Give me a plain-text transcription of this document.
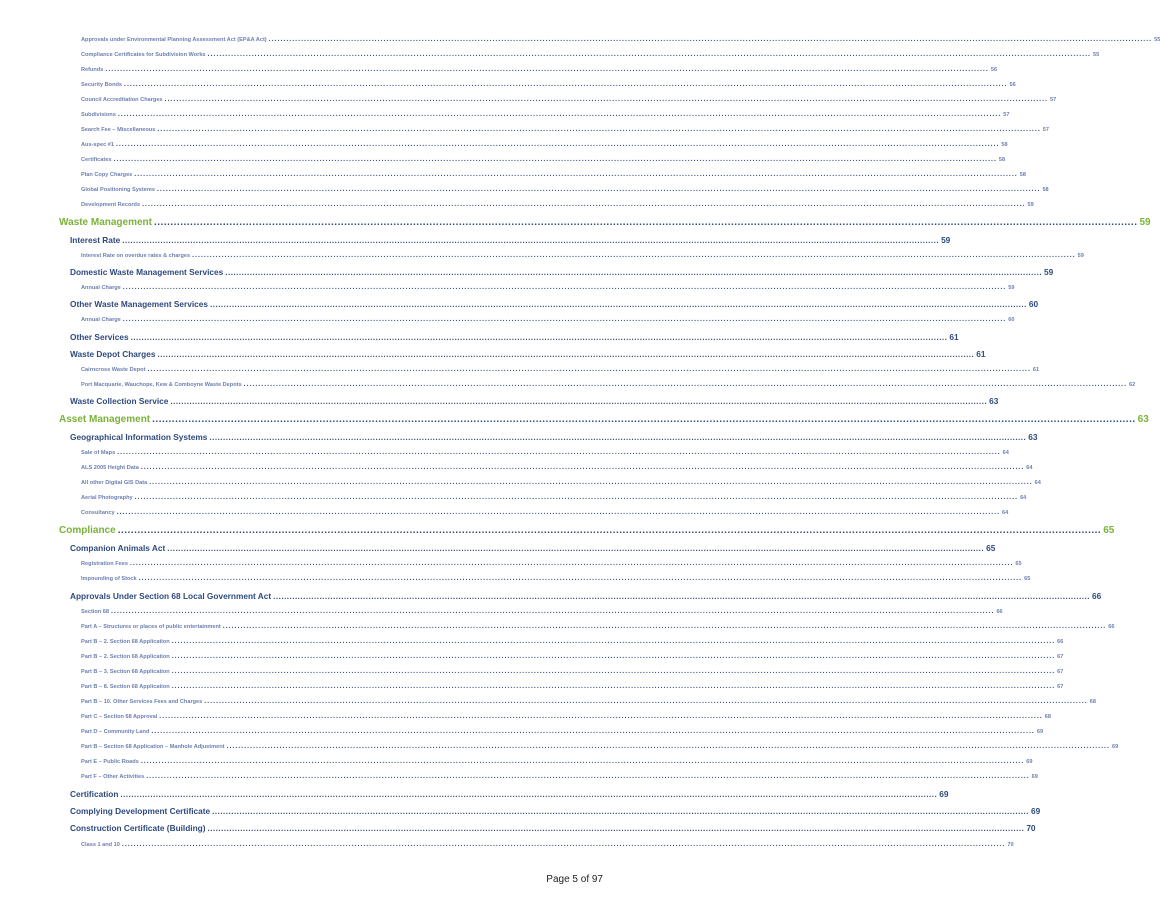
Approvals under Environmental Planning Assessment Act (EP&A Act) ............................................................................................................................................................................................................................................................................................................ 55
Compliance Certificates for Subdivision Works ............................................................................................................................................................................................................................................................................................................ 55
Refunds ............................................................................................................................................................................................................................................................................................................ 56
Security Bonds ............................................................................................................................................................................................................................................................................................................ 56
Council Accreditation Charges ............................................................................................................................................................................................................................................................................................................ 57
Subdivisions ............................................................................................................................................................................................................................................................................................................ 57
Search Fee – Miscellaneous ............................................................................................................................................................................................................................................................................................................ 57
Aus-spec #1 ............................................................................................................................................................................................................................................................................................................ 58
Certificates ............................................................................................................................................................................................................................................................................................................ 58
Plan Copy Charges ............................................................................................................................................................................................................................................................................................................ 58
Global Positioning Systems ............................................................................................................................................................................................................................................................................................................ 58
Development Records ............................................................................................................................................................................................................................................................................................................ 59
Waste Management ............................................................................................................................................................................................................................................................................................................ 59
Interest Rate ............................................................................................................................................................................................................................................................................................................ 59
Interest Rate on overdue rates & charges ............................................................................................................................................................................................................................................................................................................ 59
Domestic Waste Management Services ............................................................................................................................................................................................................................................................................................................ 59
Annual Charge ............................................................................................................................................................................................................................................................................................................ 59
Other Waste Management Services ............................................................................................................................................................................................................................................................................................................ 60
Annual Charge ............................................................................................................................................................................................................................................................................................................ 60
Other Services ............................................................................................................................................................................................................................................................................................................ 61
Waste Depot Charges ............................................................................................................................................................................................................................................................................................................ 61
Cairncross Waste Depot ............................................................................................................................................................................................................................................................................................................ 61
Port Macquarie, Wauchope, Kew & Comboyne Waste Depots ............................................................................................................................................................................................................................................................................................................ 62
Waste Collection Service ............................................................................................................................................................................................................................................................................................................ 63
Asset Management ............................................................................................................................................................................................................................................................................................................ 63
Geographical Information Systems ............................................................................................................................................................................................................................................................................................................ 63
Sale of Maps ............................................................................................................................................................................................................................................................................................................ 64
ALS 2005 Height Data ............................................................................................................................................................................................................................................................................................................ 64
All other Digital GIS Data ............................................................................................................................................................................................................................................................................................................ 64
Aerial Photography ............................................................................................................................................................................................................................................................................................................ 64
Consultancy ............................................................................................................................................................................................................................................................................................................ 64
Compliance ............................................................................................................................................................................................................................................................................................................ 65
Companion Animals Act ............................................................................................................................................................................................................................................................................................................ 65
Registration Fees ............................................................................................................................................................................................................................................................................................................ 65
Impounding of Stock ............................................................................................................................................................................................................................................................................................................ 65
Approvals Under Section 68 Local Government Act ............................................................................................................................................................................................................................................................................................................ 66
Section 68 ............................................................................................................................................................................................................................................................................................................ 66
Part A – Structures or places of public entertainment ............................................................................................................................................................................................................................................................................................................ 66
Part B – 2. Section 68 Application ............................................................................................................................................................................................................................................................................................................ 66
Part B – 2. Section 68 Application ............................................................................................................................................................................................................................................................................................................ 67
Part B – 3. Section 68 Application ............................................................................................................................................................................................................................................................................................................ 67
Part B – 8. Section 68 Application ............................................................................................................................................................................................................................................................................................................ 67
Part B – 10. Other Services Fees and Charges ............................................................................................................................................................................................................................................................................................................ 68
Part C – Section 68 Approval ............................................................................................................................................................................................................................................................................................................ 68
Part D – Community Land ............................................................................................................................................................................................................................................................................................................ 69
Part B – Section 68 Application – Manhole Adjustment ............................................................................................................................................................................................................................................................................................................ 69
Part E – Public Roads ............................................................................................................................................................................................................................................................................................................ 69
Part F – Other Activities ............................................................................................................................................................................................................................................................................................................ 69
Certification ............................................................................................................................................................................................................................................................................................................ 69
Complying Development Certificate ............................................................................................................................................................................................................................................................................................................ 69
Construction Certificate (Building) ............................................................................................................................................................................................................................................................................................................ 70
Class 1 and 10 ............................................................................................................................................................................................................................................................................................................ 70
Page 5 of 97
